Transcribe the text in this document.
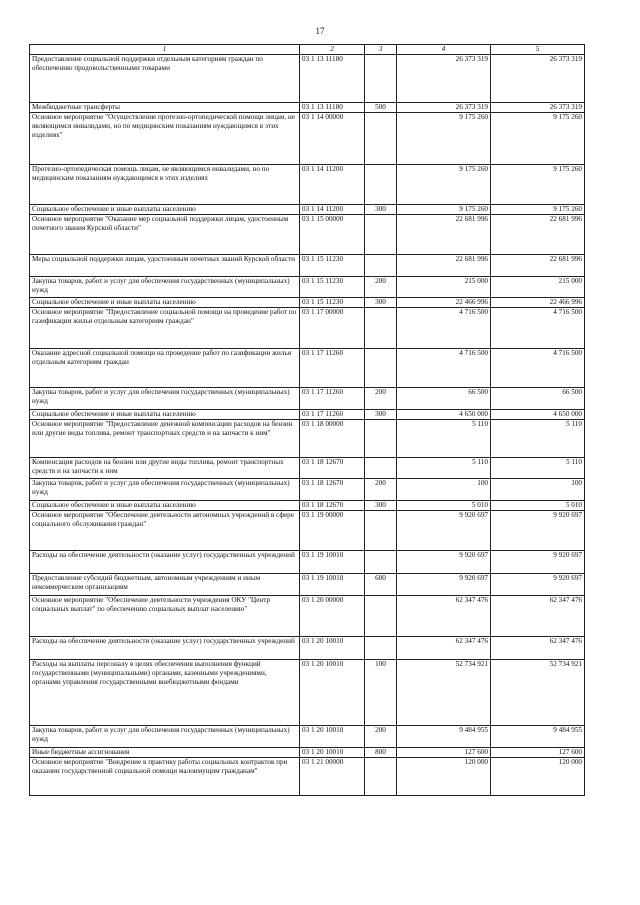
17
1	2	3	4	5
Предоставление социальной поддержки отдельным категориям граждан по обеспечению продовольственными товарами	03 1 13 11180		26 373 319	26 373 319
Межбюджетные трансферты	03 1 13 11180	500	26 373 319	26 373 319
Основное мероприятие "Осуществление протезно-ортопедической помощи лицам, не являющимся инвалидами, но по медицинским показаниям нуждающимся в этих изделиях"	03 1 14 00000		9 175 260	9 175 260
Протезно-ортопедическая помощь лицам, не являющимся инвалидами, но по медицинским показаниям нуждающимся в этих изделиях	03 1 14 11200		9 175 260	9 175 260
Социальное обеспечение и иные выплаты населению	03 1 14 11200	300	9 175 260	9 175 260
Основное мероприятие "Оказание мер социальной поддержки лицам, удостоенным почетного звания Курской области"	03 1 15 00000		22 681 996	22 681 996
Меры социальной поддержки лицам, удостоенным почетных званий Курской области	03 1 15 11230		22 681 996	22 681 996
Закупка товаров, работ и услуг для обеспечения государственных (муниципальных) нужд	03 1 15 11230	200	215 000	215 000
Социальное обеспечение и иные выплаты населению	03 1 15 11230	300	22 466 996	22 466 996
Основное мероприятие "Предоставление социальной помощи на проведение работ по газификации жилья отдельным категориям граждан"	03 1 17 00000		4 716 500	4 716 500
Оказание адресной социальной помощи на проведение работ по газификации жилья отдельным категориям граждан	03 1 17 11260		4 716 500	4 716 500
Закупка товаров, работ и услуг для обеспечения государственных (муниципальных) нужд	03 1 17 11260	200	66 500	66 500
Социальное обеспечение и иные выплаты населению	03 1 17 11260	300	4 650 000	4 650 000
Основное мероприятие "Предоставление денежной компенсации расходов на бензин или другие виды топлива, ремонт транспортных средств и на запчасти к ним"	03 1 18 00000		5 110	5 110
Компенсация расходов на бензин или другие виды топлива, ремонт транспортных средств и на запчасти к ним	03 1 18 12670		5 110	5 110
Закупка товаров, работ и услуг для обеспечения государственных (муниципальных) нужд	03 1 18 12670	200	100	100
Социальное обеспечение и иные выплаты населению	03 1 18 12670	300	5 010	5 010
Основное мероприятие "Обеспечение деятельности автономных учреждений в сфере социального обслуживания граждан"	03 1 19 00000		9 920 697	9 920 697
Расходы на обеспечение деятельности (оказание услуг) государственных учреждений	03 1 19 10010		9 920 697	9 920 697
Предоставление субсидий бюджетным, автономным учреждениям и иным некоммерческим организациям	03 1 19 10010	600	9 920 697	9 920 697
Основное мероприятие "Обеспечение деятельности учреждения ОКУ "Центр социальных выплат" по обеспечению социальных выплат населению"	03 1 20 00000		62 347 476	62 347 476
Расходы на обеспечение деятельности (оказание услуг) государственных учреждений	03 1 20 10010		62 347 476	62 347 476
Расходы на выплаты персоналу в целях обеспечения выполнения функций государственными (муниципальными) органами, казенными учреждениями, органами управления государственными внебюджетными фондами	03 1 20 10010	100	52 734 921	52 734 921
Закупка товаров, работ и услуг для обеспечения государственных (муниципальных) нужд	03 1 20 10010	200	9 484 955	9 484 955
Иные бюджетные ассигнования	03 1 20 10010	800	127 600	127 600
Основное мероприятие "Внедрение в практику работы социальных контрактов при оказании государственной социальной помощи малоимущим гражданам"	03 1 21 00000		120 000	120 000
